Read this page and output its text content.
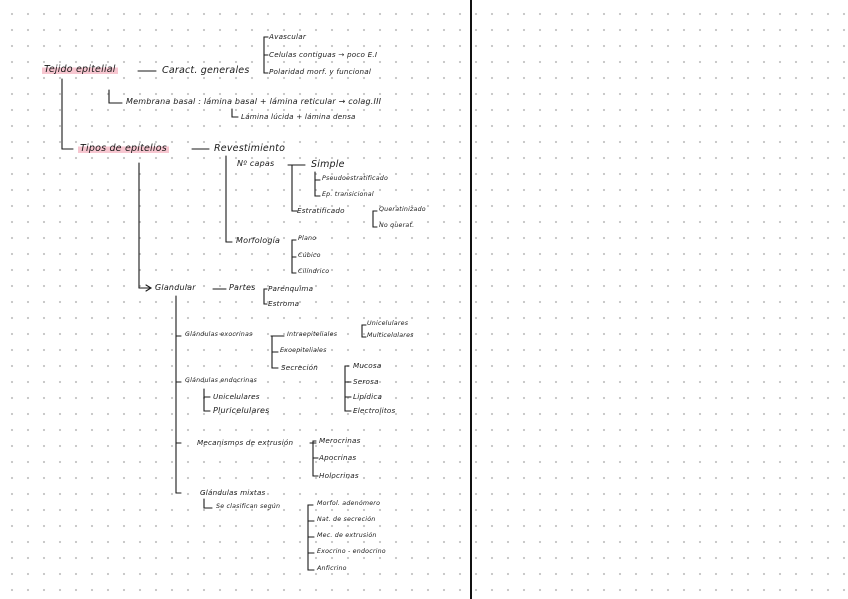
Tejido epitelial	Caract. generales
Avascular
Celulas contiguas → poco E.I
Polaridad morf. y funcional
Membrana basal : lámina basal + lámina reticular → colag.III
Lámina lúcida + lámina densa
Tipos de epitelios	Revestimiento
Nº capas	Simple
Pseudoestratificado
Ep. transicional
Estratificado	Queratinizado
No querat.
Morfología	Plano
Cúbico
Cilíndrico
Glandular	Partes Parenquima
Estroma
Glándulas exocrinas	Intraepiteliales
Unicelulares
Multicelulares
Exoepiteliales
Secreción	Mucosa
Serosa
Lipídica
Electrolitos
Glándulas endocrinas
Unicelulares
Pluricelulares
Mecanismos de extrusión	Merocrinas
Apocrinas
Holocrinas
Glándulas mixtas
Se clasifican según	Morfol. adenómero
Nat. de secreción
Mec. de extrusión
Exocrino - endocrino
Anficrino
